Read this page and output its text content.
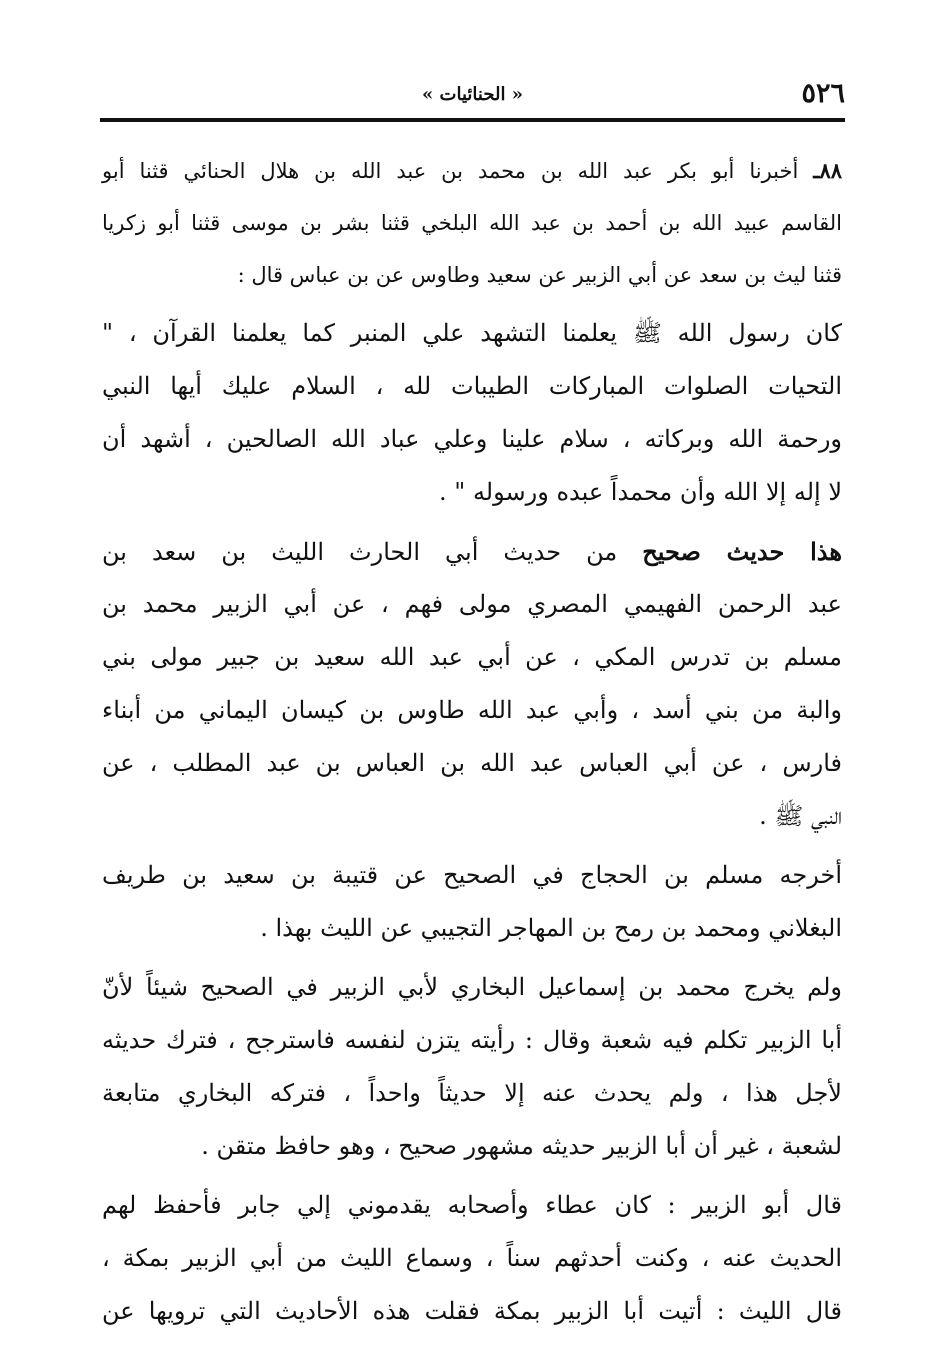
٥٢٦
« الحنائيات »
٨٨ـ أخبرنا أبو بكر عبد الله بن محمد بن عبد الله بن هلال الحنائي قثنا أبو
القاسم عبيد الله بن أحمد بن عبد الله البلخي قثنا بشر بن موسى قثنا أبو زكريا
قثنا ليث بن سعد عن أبي الزبير عن سعيد وطاوس عن بن عباس قال :
كان رسول الله ﷺ يعلمنا التشهد علي المنبر كما يعلمنا القرآن ، "
التحيات الصلوات المباركات الطيبات لله ، السلام عليك أيها النبي
ورحمة الله وبركاته ، سلام علينا وعلي عباد الله الصالحين ، أشهد أن
لا إله إلا الله وأن محمداً عبده ورسوله " .
هذا حديث صحيح من حديث أبي الحارث الليث بن سعد بن
عبد الرحمن الفهيمي المصري مولى فهم ، عن أبي الزبير محمد بن
مسلم بن تدرس المكي ، عن أبي عبد الله سعيد بن جبير مولى بني
والبة من بني أسد ، وأبي عبد الله طاوس بن كيسان اليماني من أبناء
فارس ، عن أبي العباس عبد الله بن العباس بن عبد المطلب ، عن
النبي ﷺ .
أخرجه مسلم بن الحجاج في الصحيح عن قتيبة بن سعيد بن طريف
البغلاني ومحمد بن رمح بن المهاجر التجيبي عن الليث بهذا .
ولم يخرج محمد بن إسماعيل البخاري لأبي الزبير في الصحيح شيئاً لأنّ
أبا الزبير تكلم فيه شعبة وقال : رأيته يتزن لنفسه فاسترجح ، فترك حديثه
لأجل هذا ، ولم يحدث عنه إلا حديثاً واحداً ، فتركه البخاري متابعة
لشعبة ، غير أن أبا الزبير حديثه مشهور صحيح ، وهو حافظ متقن .
قال أبو الزبير : كان عطاء وأصحابه يقدموني إلي جابر فأحفظ لهم
الحديث عنه ، وكنت أحدثهم سناً ، وسماع الليث من أبي الزبير بمكة ،
قال الليث : أتيت أبا الزبير بمكة فقلت هذه الأحاديث التي ترويها عن
